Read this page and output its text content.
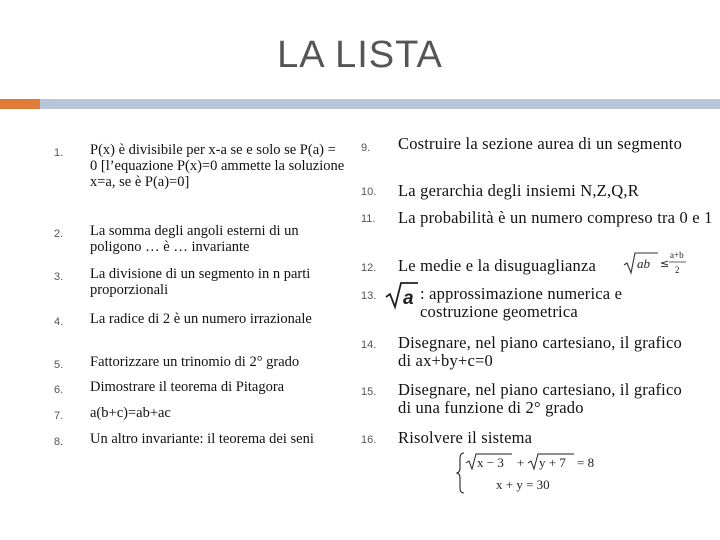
LA LISTA
1. P(x) è divisibile per x-a se e solo se P(a) = 0 [l’equazione P(x)=0 ammette la soluzione x=a, se è P(a)=0]
2. La somma degli angoli esterni di un poligono … è … invariante
3. La divisione di un segmento in n parti proporzionali
4. La radice di 2 è un numero irrazionale
5. Fattorizzare un trinomio di 2° grado
6. Dimostrare il teorema di Pitagora
7. a(b+c)=ab+ac
8. Un altro invariante: il teorema dei seni
9. Costruire la sezione aurea di un segmento
10. La gerarchia degli insiemi N,Z,Q,R
11. La probabilità è un numero compreso tra 0 e 1
12. Le medie e la disuguaglianza	ab ≤
a+b
2
13. a : approssimazione numerica e costruzione geometrica
14. Disegnare, nel piano cartesiano, il grafico di ax+by+c=0
15. Disegnare, nel piano cartesiano, il grafico di una funzione di 2° grado
16. Risolvere il sistema
x − 3 + y + 7 = 8
x + y = 30
